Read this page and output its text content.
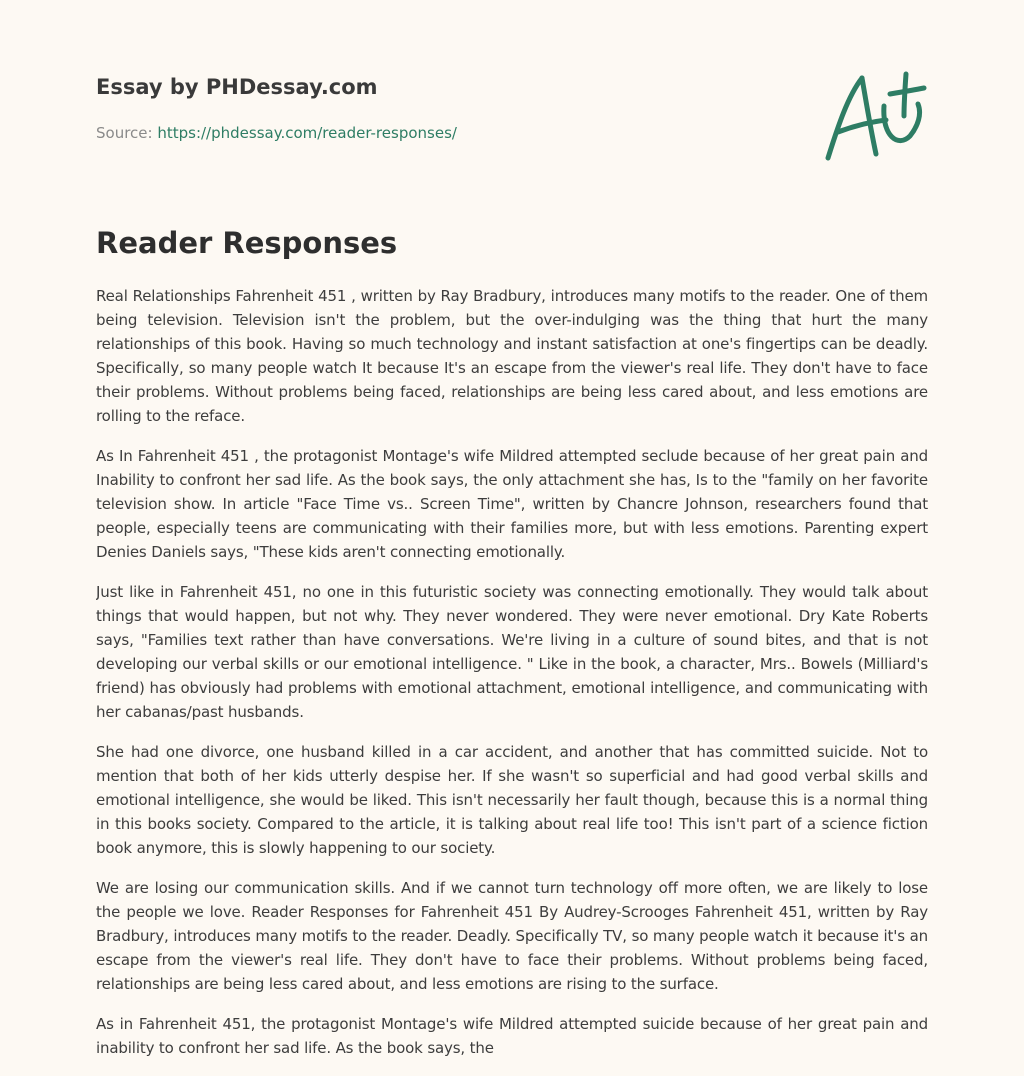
Essay by PHDessay.com
Source: https://phdessay.com/reader-responses/
Reader Responses

Real Relationships Fahrenheit 451 , written by Ray Bradbury, introduces many motifs to the reader. One of them being television. Television isn't the problem, but the over-indulging was the thing that hurt the many relationships of this book. Having so much technology and instant satisfaction at one's fingertips can be deadly. Specifically, so many people watch It because It's an escape from the viewer's real life. They don't have to face their problems. Without problems being faced, relationships are being less cared about, and less emotions are rolling to the reface.

As In Fahrenheit 451 , the protagonist Montage's wife Mildred attempted seclude because of her great pain and Inability to confront her sad life. As the book says, the only attachment she has, Is to the "family on her favorite television show. In article "Face Time vs.. Screen Time", written by Chancre Johnson, researchers found that people, especially teens are communicating with their families more, but with less emotions. Parenting expert Denies Daniels says, "These kids aren't connecting emotionally.

Just like in Fahrenheit 451, no one in this futuristic society was connecting emotionally. They would talk about things that would happen, but not why. They never wondered. They were never emotional. Dry Kate Roberts says, "Families text rather than have conversations. We're living in a culture of sound bites, and that is not developing our verbal skills or our emotional intelligence. " Like in the book, a character, Mrs.. Bowels (Milliard's friend) has obviously had problems with emotional attachment, emotional intelligence, and communicating with her cabanas/past husbands.

She had one divorce, one husband killed in a car accident, and another that has committed suicide. Not to mention that both of her kids utterly despise her. If she wasn't so superficial and had good verbal skills and emotional intelligence, she would be liked. This isn't necessarily her fault though, because this is a normal thing in this books society. Compared to the article, it is talking about real life too! This isn't part of a science fiction book anymore, this is slowly happening to our society.

We are losing our communication skills. And if we cannot turn technology off more often, we are likely to lose the people we love. Reader Responses for Fahrenheit 451 By Audrey-Scrooges Fahrenheit 451, written by Ray Bradbury, introduces many motifs to the reader. Deadly. Specifically TV, so many people watch it because it's an escape from the viewer's real life. They don't have to face their problems. Without problems being faced, relationships are being less cared about, and less emotions are rising to the surface.

As in Fahrenheit 451, the protagonist Montage's wife Mildred attempted suicide because of her great pain and inability to confront her sad life. As the book says, the
